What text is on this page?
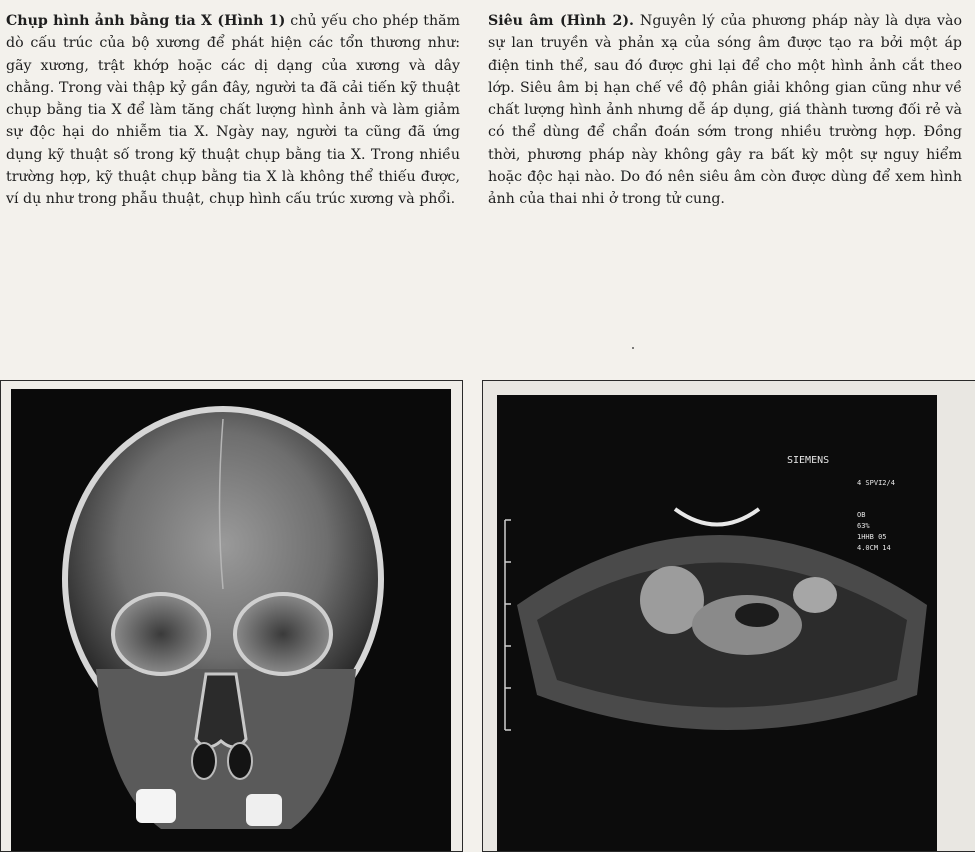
Chụp hình ảnh bằng tia X (Hình 1) chủ yếu cho phép thăm dò cấu trúc của bộ xương để phát hiện các tổn thương như: gãy xương, trật khớp hoặc các dị dạng của xương và dây chằng. Trong vài thập kỷ gần đây, người ta đã cải tiến kỹ thuật chụp bằng tia X để làm tăng chất lượng hình ảnh và làm giảm sự độc hại do nhiễm tia X. Ngày nay, người ta cũng đã ứng dụng kỹ thuật số trong kỹ thuật chụp bằng tia X. Trong nhiều trường hợp, kỹ thuật chụp bằng tia X là không thể thiếu được, ví dụ như trong phẫu thuật, chụp hình cấu trúc xương và phổi.
Siêu âm (Hình 2). Nguyên lý của phương pháp này là dựa vào sự lan truyền và phản xạ của sóng âm được tạo ra bởi một áp điện tinh thể, sau đó được ghi lại để cho một hình ảnh cắt theo lớp. Siêu âm bị hạn chế về độ phân giải không gian cũng như về chất lượng hình ảnh nhưng dễ áp dụng, giá thành tương đối rẻ và có thể dùng để chẩn đoán sớm trong nhiều trường hợp. Đồng thời, phương pháp này không gây ra bất kỳ một sự nguy hiểm hoặc độc hại nào. Do đó nên siêu âm còn được dùng để xem hình ảnh của thai nhi ở trong tử cung.
SIEMENS
4 SPVI2/4
OB
63%
1HHB 05
4.0CM 14
